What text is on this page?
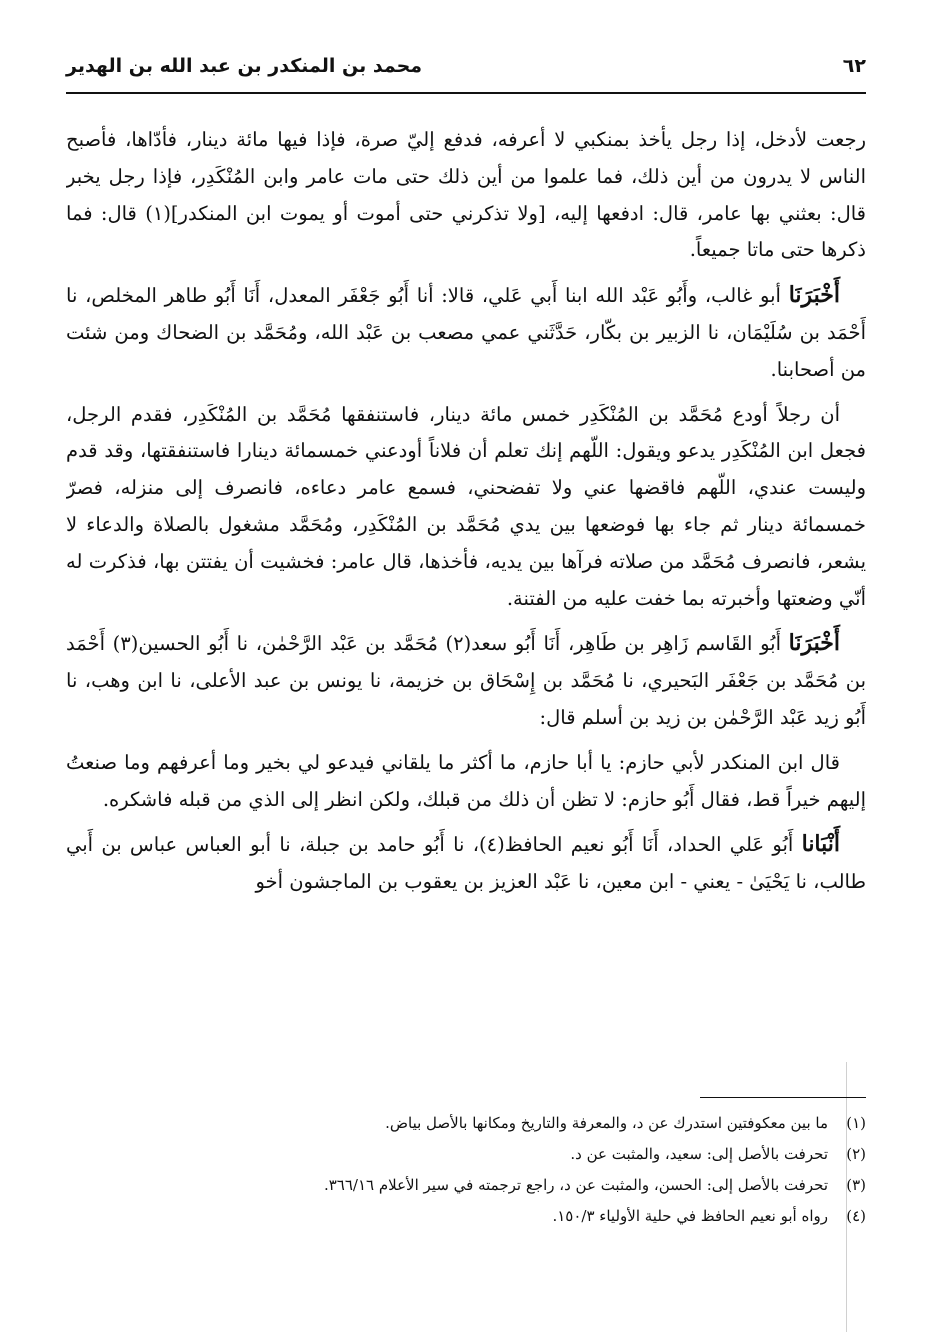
٦٢
محمد بن المنكدر بن عبد الله بن الهدير

رجعت لأدخل، إذا رجل يأخذ بمنكبي لا أعرفه، فدفع إليّ صرة، فإذا فيها مائة دينار، فأدّاها، فأصبح الناس لا يدرون من أين ذلك، فما علموا من أين ذلك حتى مات عامر وابن المُنْكَدِر، فإذا رجل يخبر قال: بعثني بها عامر، قال: ادفعها إليه، [ولا تذكرني حتى أموت أو يموت ابن المنكدر](١) قال: فما ذكرها حتى ماتا جميعاً.

أَخْبَرَنَا أبو غالب، وأَبُو عَبْد الله ابنا أَبي عَلي، قالا: أنا أَبُو جَعْفَر المعدل، أَنَا أَبُو طاهر المخلص، نا أَحْمَد بن سُلَيْمَان، نا الزبير بن بكّار، حَدَّثَني عمي مصعب بن عَبْد الله، ومُحَمَّد بن الضحاك ومن شئت من أصحابنا.

أن رجلاً أودع مُحَمَّد بن المُنْكَدِر خمس مائة دينار، فاستنفقها مُحَمَّد بن المُنْكَدِر، فقدم الرجل، فجعل ابن المُنْكَدِر يدعو ويقول: اللّهم إنك تعلم أن فلاناً أودعني خمسمائة دينارا فاستنفقتها، وقد قدم وليست عندي، اللّهم فاقضها عني ولا تفضحني، فسمع عامر دعاءه، فانصرف إلى منزله، فصرّ خمسمائة دينار ثم جاء بها فوضعها بين يدي مُحَمَّد بن المُنْكَدِر، ومُحَمَّد مشغول بالصلاة والدعاء لا يشعر، فانصرف مُحَمَّد من صلاته فرآها بين يديه، فأخذها، قال عامر: فخشيت أن يفتتن بها، فذكرت له أنّي وضعتها وأخبرته بما خفت عليه من الفتنة.

أَخْبَرَنَا أَبُو القَاسم زَاهِر بن طَاهِر، أَنَا أَبُو سعد(٢) مُحَمَّد بن عَبْد الرَّحْمٰن، نا أَبُو الحسين(٣) أَحْمَد بن مُحَمَّد بن جَعْفَر البَحيري، نا مُحَمَّد بن إِسْحَاق بن خزيمة، نا يونس بن عبد الأعلى، نا ابن وهب، نا أَبُو زيد عَبْد الرَّحْمٰن بن زيد بن أسلم قال:

قال ابن المنكدر لأبي حازم: يا أبا حازم، ما أكثر ما يلقاني فيدعو لي بخير وما أعرفهم وما صنعتُ إليهم خيراً قط، فقال أَبُو حازم: لا تظن أن ذلك من قبلك، ولكن انظر إلى الذي من قبله فاشكره.

أَنْبَانا أَبُو عَلي الحداد، أَنَا أَبُو نعيم الحافظ(٤)، نا أَبُو حامد بن جبلة، نا أبو العباس عباس بن أَبي طالب، نا يَحْيَىٰ - يعني - ابن معين، نا عَبْد العزيز بن يعقوب بن الماجشون أخو

(١)
ما بين معكوفتين استدرك عن د، والمعرفة والتاريخ ومكانها بالأصل بياض.
(٢)
تحرفت بالأصل إلى: سعيد، والمثبت عن د.
(٣)
تحرفت بالأصل إلى: الحسن، والمثبت عن د، راجع ترجمته في سير الأعلام ٣٦٦/١٦.
(٤)
رواه أبو نعيم الحافظ في حلية الأولياء ١٥٠/٣.
